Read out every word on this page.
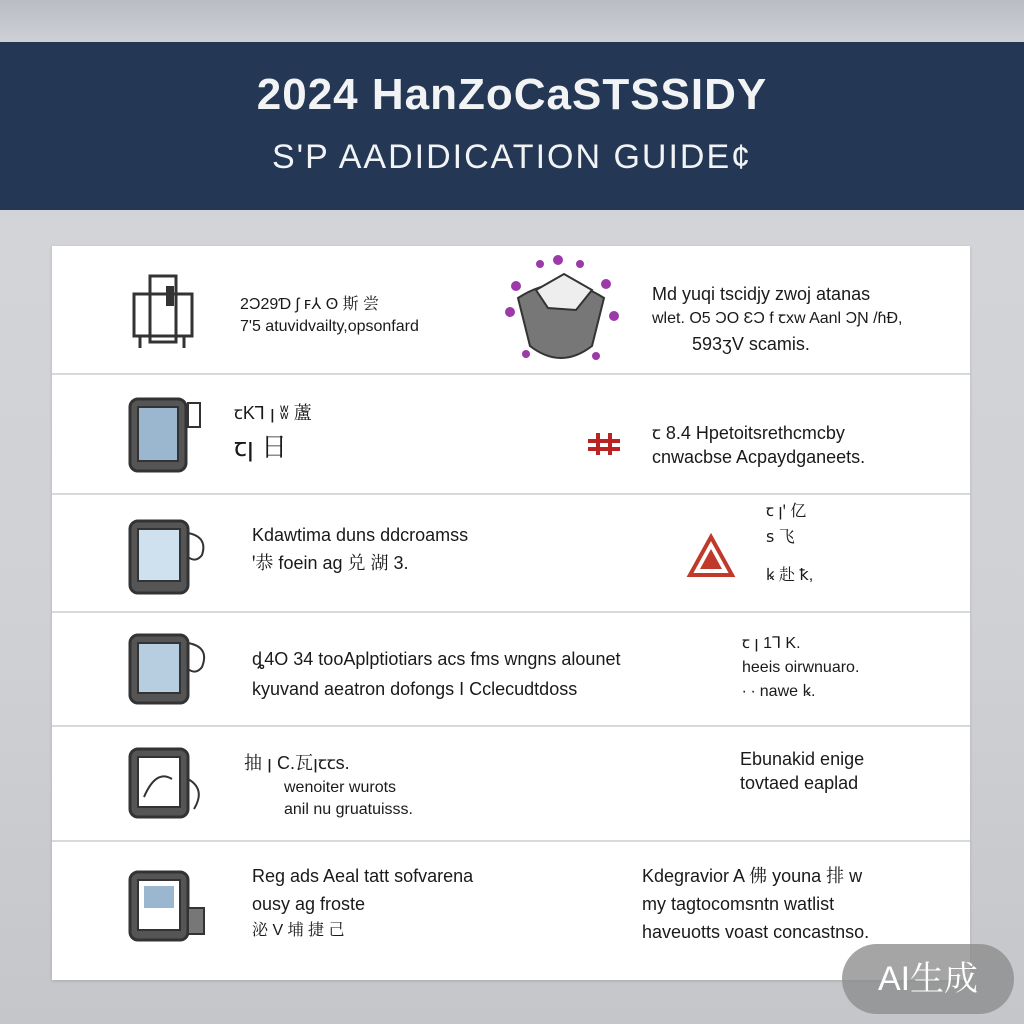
2024 HanZoCaSTSSIDY
S'P AADIDICATION GUIDE¢
2Ɔ29Ɗ ʃ ꜰ⅄ ʘ 斯 尝
7'5 atuvidvailty,opsonfard
Md yuqi tscidjy zwoj atanas
wlet. O5 ƆO ԐƆ f ꞇxw Aanl ƆƝ /ɦƉ,
593ʒV scamis.
ꞇK⅂ ꞁ ʬ 蘆
ꞇꞁ 日	ꞇ 8.4 Hpetoitsrethcmcby
cnwacbse Acpaydganeets.
Kdawtima duns ddcroamss
ꞌ恭 foein ag 兑 湖 3.
ꞇ ꞁꞌ 亿
ꜱ 飞
ꝃ 赴 ꝁ,
ȡ4O 34 tooAplptiotiars acs fms wngns alounet
kyuvand aeatron dofongs I Cclecudtdoss
ꞇ ꞁ 1⅂ K.
heeis oirwnuaro.
∙ ∙ nawe ꝃ.
抽 ꞁ C.瓦ꞁꞇꞇs.
wenoiter wurots
anil nu gruatuisss.
Ebunakid enige
tovtaed eaplad
Reg ads Aeal tatt sofvarena
ousy ag froste
泌 V 埔 捷 己
Kdegravior A 佛 youna 排 w
my tagtocomsntn watlist
haveuotts voast concastnso.
AI生成
